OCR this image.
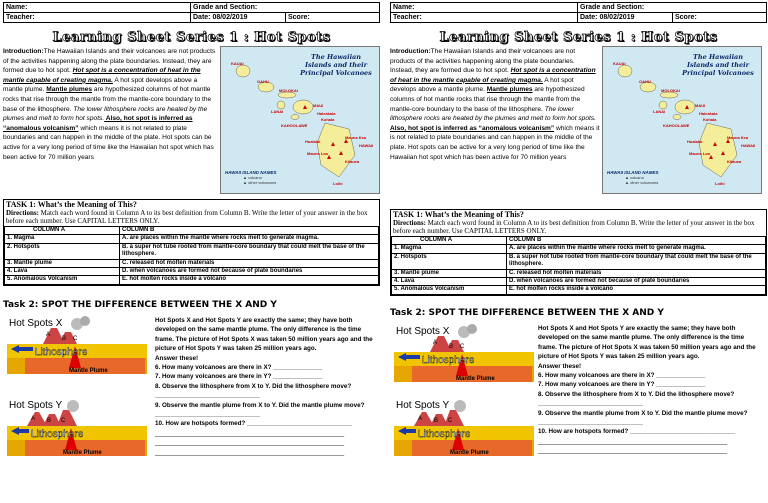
Name:	Grade and Section:	
Teacher:	Date: 08/02/2019	Score:
Learning Sheet Series 1 : Hot Spots
Introduction:The Hawaiian Islands and their volcanoes are not products of the activities happening along the plate boundaries. Instead, they are formed due to hot spot. Hot spot is a concentration of heat in the mantle capable of creating magma. A hot spot develops above a mantle plume. Mantle plumes are hypothesized columns of hot mantle rocks that rise through the mantle from the mantle-core boundary to the base of the lithosphere. The lower lithosphere rocks are heated by the plumes and melt to form hot spots. Also, hot spot is inferred as “anomalous volcanism” which means it is not related to plate boundaries and can happen in the middle of the plate. Hot spots can be active for a very long period of time like the Hawaiian hot spot which has been active for 70 million years
The Hawaiian Islands and their Principal Volcanoes
KAUAI
OAHU
MOLOKAI
MAUI
LANAI
KAHOOLAWE
HAWAII
Kilauea
Mauna Loa
Mauna Kea
Hualalai
Kohala
Loihi
Haleakala
HAWAII ISLAND NAMES
▲ volcano
▲ other volcanoes
TASK 1: What’s the Meaning of This?
Directions: Match each word found in Column A to its best definition from Column B. Write the letter of your answer in the box before each number. Use CAPITAL LETTERS ONLY.
COLUMN A	COLUMN B
1. Magma	A. are places within the mantle where rocks melt to generate magma.
2. Hotspots	B. a super hot tube rooted from mantle-core boundary that could melt the base of the lithosphere.
3. Mantle plume	C. released hot molten materials
4. Lava	D. when volcanoes are formed not because of plate boundaries
5. Anomalous Volcanism	E. hot molten rocks inside a volcano
Task 2: SPOT THE DIFFERENCE BETWEEN THE X AND Y
Hot Spots X
A
B C
Lithosphere
Mantle Plume
Hot Spots Y
A B C
Lithosphere
Mantle Plume
Hot Spots X and Hot Spots Y are exactly the same; they have both developed on the same mantle plume. The only difference is the time frame. The picture of Hot Spots X was taken 50 million years ago and the picture of Hot Spots Y was taken 25 million years ago.
Answer these!
6. How many volcanoes are there in X? ______________
7. How many volcanoes are there in Y? ______________
8. Observe the lithosphere from X to Y. Did the lithosphere move? ______________________________
9. Observe the mantle plume from X to Y. Did the mantle plume move? ______________________________
10. How are hotspots formed? ______________________________
______________________________________________________
______________________________________________________
______________________________________________________
Name:	Grade and Section:	
Teacher:	Date: 08/02/2019	Score:
Learning Sheet Series 1 : Hot Spots
Introduction:The Hawaiian Islands and their volcanoes are not products of the activities happening along the plate boundaries. Instead, they are formed due to hot spot. Hot spot is a concentration of heat in the mantle capable of creating magma. A hot spot develops above a mantle plume. Mantle plumes are hypothesized columns of hot mantle rocks that rise through the mantle from the mantle-core boundary to the base of the lithosphere. The lower lithosphere rocks are heated by the plumes and melt to form hot spots. Also, hot spot is inferred as “anomalous volcanism” which means it is not related to plate boundaries and can happen in the middle of the plate. Hot spots can be active for a very long period of time like the Hawaiian hot spot which has been active for 70 million years
The Hawaiian Islands and their Principal Volcanoes
KAUAI
OAHU
MOLOKAI
MAUI
LANAI
KAHOOLAWE
HAWAII
Kilauea
Mauna Loa
Mauna Kea
Hualalai
Kohala
Loihi
Haleakala
HAWAII ISLAND NAMES
▲ volcano
▲ other volcanoes
TASK 1: What’s the Meaning of This?
Directions: Match each word found in Column A to its best definition from Column B. Write the letter of your answer in the box before each number. Use CAPITAL LETTERS ONLY.
COLUMN A	COLUMN B
1. Magma	A. are places within the mantle where rocks melt to generate magma.
2. Hotspots	B. a super hot tube rooted from mantle-core boundary that could melt the base of the lithosphere.
3. Mantle plume	C. released hot molten materials
4. Lava	D. when volcanoes are formed not because of plate boundaries
5. Anomalous Volcanism	E. hot molten rocks inside a volcano
Task 2: SPOT THE DIFFERENCE BETWEEN THE X AND Y
Hot Spots X
A
B C
Lithosphere
Mantle Plume
Hot Spots Y
A B C
Lithosphere
Mantle Plume
Hot Spots X and Hot Spots Y are exactly the same; they have both developed on the same mantle plume. The only difference is the time frame. The picture of Hot Spots X was taken 50 million years ago and the picture of Hot Spots Y was taken 25 million years ago.
Answer these!
6. How many volcanoes are there in X? ______________
7. How many volcanoes are there in Y? ______________
8. Observe the lithosphere from X to Y. Did the lithosphere move? ______________________________
9. Observe the mantle plume from X to Y. Did the mantle plume move? ______________________________
10. How are hotspots formed? ______________________________
______________________________________________________
______________________________________________________
